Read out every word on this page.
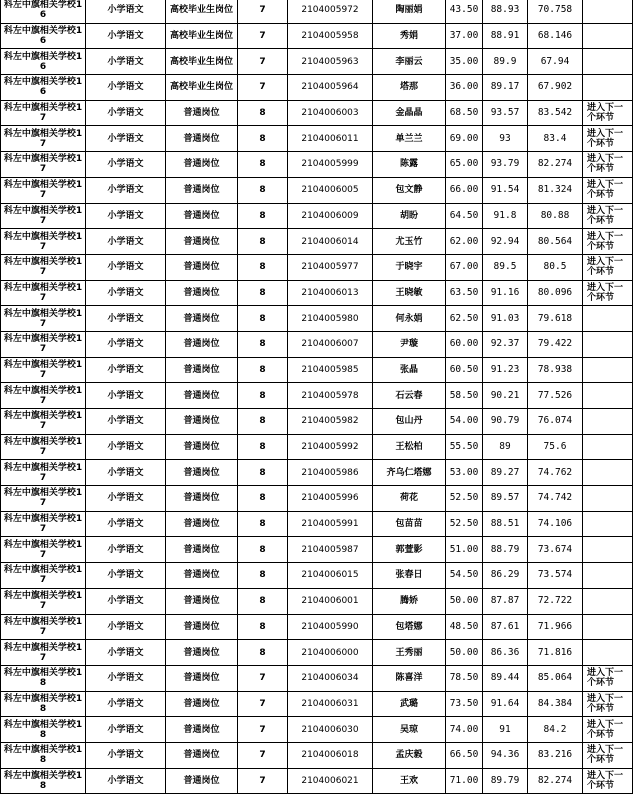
科左中旗相关学校16	小学语文	高校毕业生岗位	7	2104005972	陶丽娟	43.50	88.93	70.758	
科左中旗相关学校16	小学语文	高校毕业生岗位	7	2104005958	秀娟	37.00	88.91	68.146	
科左中旗相关学校16	小学语文	高校毕业生岗位	7	2104005963	李丽云	35.00	89.9	67.94	
科左中旗相关学校16	小学语文	高校毕业生岗位	7	2104005964	塔那	36.00	89.17	67.902	
科左中旗相关学校17	小学语文	普通岗位	8	2104006003	金晶晶	68.50	93.57	83.542	进入下一个环节
科左中旗相关学校17	小学语文	普通岗位	8	2104006011	单兰兰	69.00	93	83.4	进入下一个环节
科左中旗相关学校17	小学语文	普通岗位	8	2104005999	陈露	65.00	93.79	82.274	进入下一个环节
科左中旗相关学校17	小学语文	普通岗位	8	2104006005	包文静	66.00	91.54	81.324	进入下一个环节
科左中旗相关学校17	小学语文	普通岗位	8	2104006009	胡盼	64.50	91.8	80.88	进入下一个环节
科左中旗相关学校17	小学语文	普通岗位	8	2104006014	尤玉竹	62.00	92.94	80.564	进入下一个环节
科左中旗相关学校17	小学语文	普通岗位	8	2104005977	于晓宇	67.00	89.5	80.5	进入下一个环节
科左中旗相关学校17	小学语文	普通岗位	8	2104006013	王晓敏	63.50	91.16	80.096	进入下一个环节
科左中旗相关学校17	小学语文	普通岗位	8	2104005980	何永娟	62.50	91.03	79.618	
科左中旗相关学校17	小学语文	普通岗位	8	2104006007	尹璇	60.00	92.37	79.422	
科左中旗相关学校17	小学语文	普通岗位	8	2104005985	张晶	60.50	91.23	78.938	
科左中旗相关学校17	小学语文	普通岗位	8	2104005978	石云春	58.50	90.21	77.526	
科左中旗相关学校17	小学语文	普通岗位	8	2104005982	包山丹	54.00	90.79	76.074	
科左中旗相关学校17	小学语文	普通岗位	8	2104005992	王松柏	55.50	89	75.6	
科左中旗相关学校17	小学语文	普通岗位	8	2104005986	齐乌仁塔娜	53.00	89.27	74.762	
科左中旗相关学校17	小学语文	普通岗位	8	2104005996	荷花	52.50	89.57	74.742	
科左中旗相关学校17	小学语文	普通岗位	8	2104005991	包苗苗	52.50	88.51	74.106	
科左中旗相关学校17	小学语文	普通岗位	8	2104005987	郭萱影	51.00	88.79	73.674	
科左中旗相关学校17	小学语文	普通岗位	8	2104006015	张春日	54.50	86.29	73.574	
科左中旗相关学校17	小学语文	普通岗位	8	2104006001	腾娇	50.00	87.87	72.722	
科左中旗相关学校17	小学语文	普通岗位	8	2104005990	包塔娜	48.50	87.61	71.966	
科左中旗相关学校17	小学语文	普通岗位	8	2104006000	王秀丽	50.00	86.36	71.816	
科左中旗相关学校18	小学语文	普通岗位	7	2104006034	陈喜洋	78.50	89.44	85.064	进入下一个环节
科左中旗相关学校18	小学语文	普通岗位	7	2104006031	武璐	73.50	91.64	84.384	进入下一个环节
科左中旗相关学校18	小学语文	普通岗位	7	2104006030	吴琼	74.00	91	84.2	进入下一个环节
科左中旗相关学校18	小学语文	普通岗位	7	2104006018	孟庆毅	66.50	94.36	83.216	进入下一个环节
科左中旗相关学校18	小学语文	普通岗位	7	2104006021	王欢	71.00	89.79	82.274	进入下一个环节
